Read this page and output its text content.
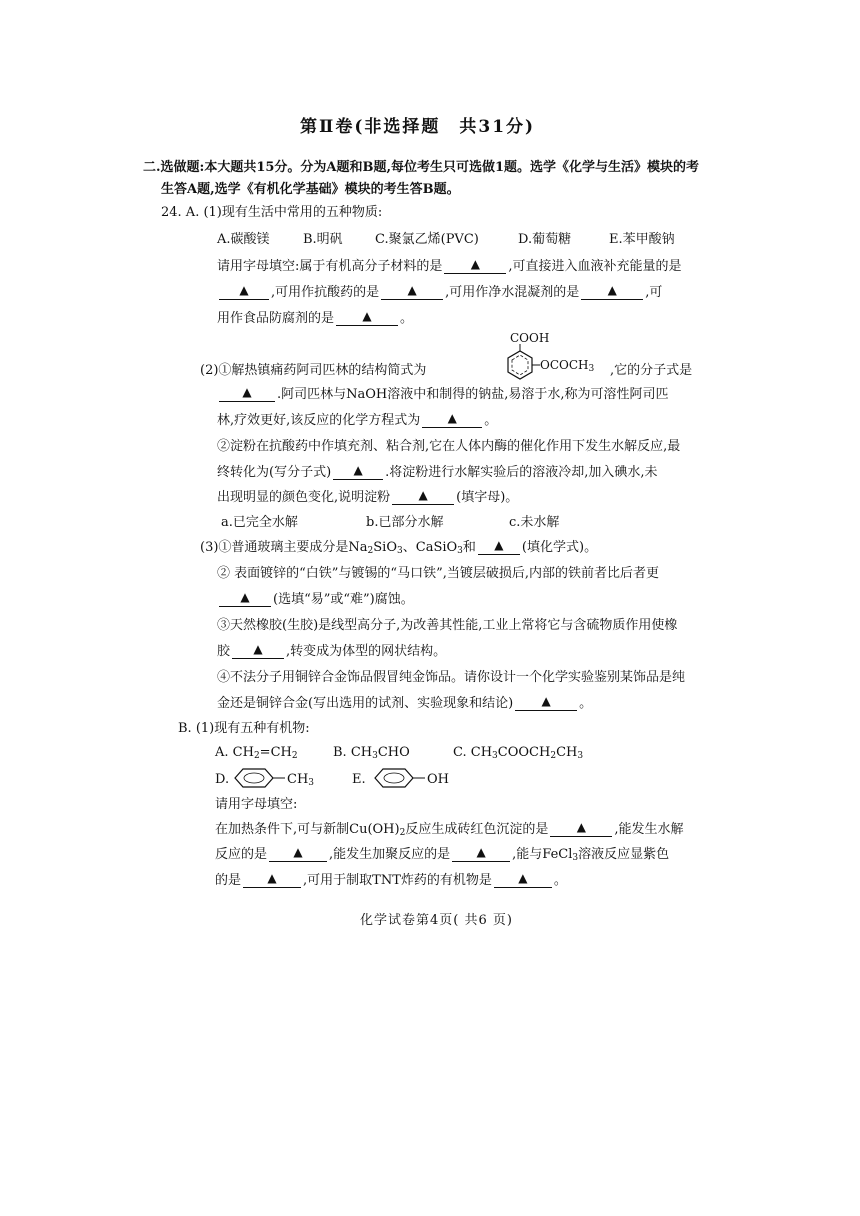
第Ⅱ卷(非选择题　共31分)
二.选做题:本大题共15分。分为A题和B题,每位考生只可选做1题。选学《化学与生活》模块的考
生答A题,选学《有机化学基础》模块的考生答B题。
24. A. (1)现有生活中常用的五种物质:
A.碳酸镁	B.明矾 C.聚氯乙烯(PVC)	D.葡萄糖	E.苯甲酸钠
请用字母填空:属于有机高分子材料的是 ▲ ,可直接进入血液补充能量的是
▲ ,可用作抗酸药的是 ▲ ,可用作净水混凝剂的是 ▲ ,可
用作食品防腐剂的是 ▲ 。
COOH
$OCOCH_3$
(2)①解热镇痛药阿司匹林的结构简式为	,它的分子式是
▲ .阿司匹林与NaOH溶液中和制得的钠盐,易溶于水,称为可溶性阿司匹
林,疗效更好,该反应的化学方程式为 ▲ 。
②淀粉在抗酸药中作填充剂、粘合剂,它在人体内酶的催化作用下发生水解反应,最
终转化为(写分子式) ▲ .将淀粉进行水解实验后的溶液冷却,加入碘水,未
出现明显的颜色变化,说明淀粉 ▲ (填字母)。
a.已完全水解	b.已部分水解	c.未水解
(3)①普通玻璃主要成分是$Na_2SiO_3$、CaSiO$_3$和 ▲ (填化学式)。
② 表面镀锌的“白铁”与镀锡的“马口铁”,当镀层破损后,内部的铁前者比后者更
▲ (选填“易”或“难”)腐蚀。
③天然橡胶(生胶)是线型高分子,为改善其性能,工业上常将它与含硫物质作用使橡
胶 ▲ ,转变成为体型的网状结构。
④不法分子用铜锌合金饰品假冒纯金饰品。请你设计一个化学实验鉴别某饰品是纯
金还是铜锌合金(写出选用的试剂、实验现象和结论) ▲ 。
B. (1)现有五种有机物:
A. $CH_2=CH_2$	B. $CH_3CHO$	C. $CH_3COOCH_2CH_3$
D.	$CH_3$	E.	OH
请用字母填空:
在加热条件下,可与新制$Cu(OH)_2$反应生成砖红色沉淀的是 ▲ ,能发生水解
反应的是 ▲ ,能发生加聚反应的是 ▲ ,能与FeCl$_3$溶液反应显紫色
的是 ▲ ,可用于制取TNT炸药的有机物是 ▲ 。
化学试卷第4页( 共6 页)
